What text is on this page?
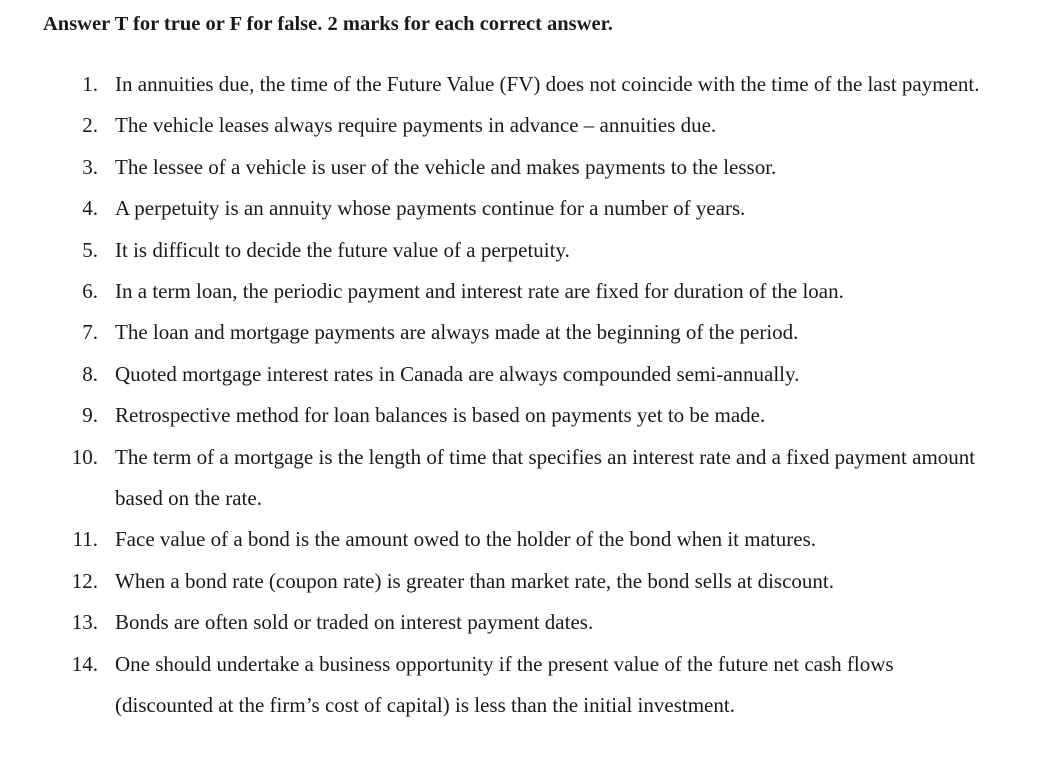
Answer T for true or F for false. 2 marks for each correct answer.
1. In annuities due, the time of the Future Value (FV) does not coincide with the time of the last payment.
2. The vehicle leases always require payments in advance – annuities due.
3. The lessee of a vehicle is user of the vehicle and makes payments to the lessor.
4. A perpetuity is an annuity whose payments continue for a number of years.
5. It is difficult to decide the future value of a perpetuity.
6. In a term loan, the periodic payment and interest rate are fixed for duration of the loan.
7. The loan and mortgage payments are always made at the beginning of the period.
8. Quoted mortgage interest rates in Canada are always compounded semi-annually.
9. Retrospective method for loan balances is based on payments yet to be made.
10. The term of a mortgage is the length of time that specifies an interest rate and a fixed payment amount based on the rate.
11. Face value of a bond is the amount owed to the holder of the bond when it matures.
12. When a bond rate (coupon rate) is greater than market rate, the bond sells at discount.
13. Bonds are often sold or traded on interest payment dates.
14. One should undertake a business opportunity if the present value of the future net cash flows (discounted at the firm’s cost of capital) is less than the initial investment.
